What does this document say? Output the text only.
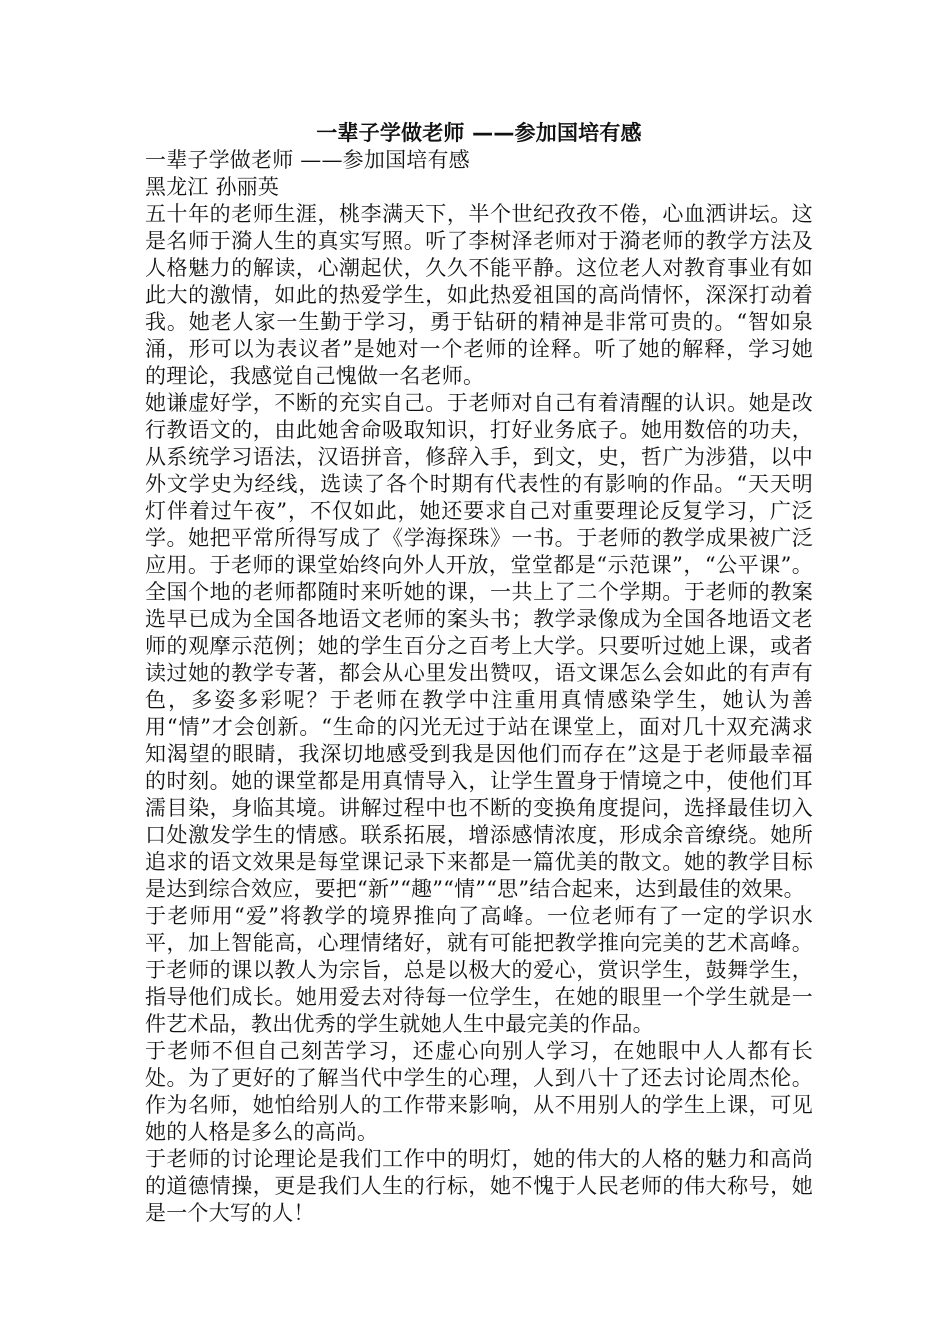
一辈子学做老师 ——参加国培有感
一辈子学做老师 ——参加国培有感
黑龙江 孙丽英
五十年的老师生涯，桃李满天下，半个世纪孜孜不倦，心血洒讲坛。这是名师于漪人生的真实写照。听了李树泽老师对于漪老师的教学方法及人格魅力的解读，心潮起伏，久久不能平静。这位老人对教育事业有如此大的激情，如此的热爱学生，如此热爱祖国的高尚情怀，深深打动着我。她老人家一生勤于学习，勇于钻研的精神是非常可贵的。“智如泉涌，形可以为表议者”是她对一个老师的诠释。听了她的解释，学习她的理论，我感觉自己愧做一名老师。
她谦虚好学，不断的充实自己。于老师对自己有着清醒的认识。她是改行教语文的，由此她舍命吸取知识，打好业务底子。她用数倍的功夫，从系统学习语法，汉语拼音，修辞入手，到文，史，哲广为涉猎，以中外文学史为经线，选读了各个时期有代表性的有影响的作品。“天天明灯伴着过午夜”，不仅如此，她还要求自己对重要理论反复学习，广泛学。她把平常所得写成了《学海探珠》一书。于老师的教学成果被广泛应用。于老师的课堂始终向外人开放，堂堂都是“示范课”，“公平课”。 全国个地的老师都随时来听她的课，一共上了二个学期。于老师的教案选早已成为全国各地语文老师的案头书；教学录像成为全国各地语文老师的观摩示范例；她的学生百分之百考上大学。只要听过她上课，或者读过她的教学专著，都会从心里发出赞叹，语文课怎么会如此的有声有色，多姿多彩呢？于老师在教学中注重用真情感染学生，她认为善用“情”才会创新。“生命的闪光无过于站在课堂上，面对几十双充满求知渴望的眼睛，我深切地感受到我是因他们而存在”这是于老师最幸福的时刻。她的课堂都是用真情导入，让学生置身于情境之中，使他们耳濡目染，身临其境。讲解过程中也不断的变换角度提问，选择最佳切入口处激发学生的情感。联系拓展，增添感情浓度，形成余音缭绕。她所追求的语文效果是每堂课记录下来都是一篇优美的散文。她的教学目标是达到综合效应，要把“新”“趣”“情”“思”结合起来，达到最佳的效果。
于老师用“爱”将教学的境界推向了高峰。一位老师有了一定的学识水平，加上智能高，心理情绪好，就有可能把教学推向完美的艺术高峰。于老师的课以教人为宗旨，总是以极大的爱心，赏识学生，鼓舞学生，指导他们成长。她用爱去对待每一位学生，在她的眼里一个学生就是一件艺术品，教出优秀的学生就她人生中最完美的作品。
于老师不但自己刻苦学习，还虚心向别人学习，在她眼中人人都有长处。为了更好的了解当代中学生的心理，人到八十了还去讨论周杰伦。作为名师，她怕给别人的工作带来影响，从不用别人的学生上课，可见她的人格是多么的高尚。
于老师的讨论理论是我们工作中的明灯，她的伟大的人格的魅力和高尚的道德情操，更是我们人生的行标，她不愧于人民老师的伟大称号，她是一个大写的人！
